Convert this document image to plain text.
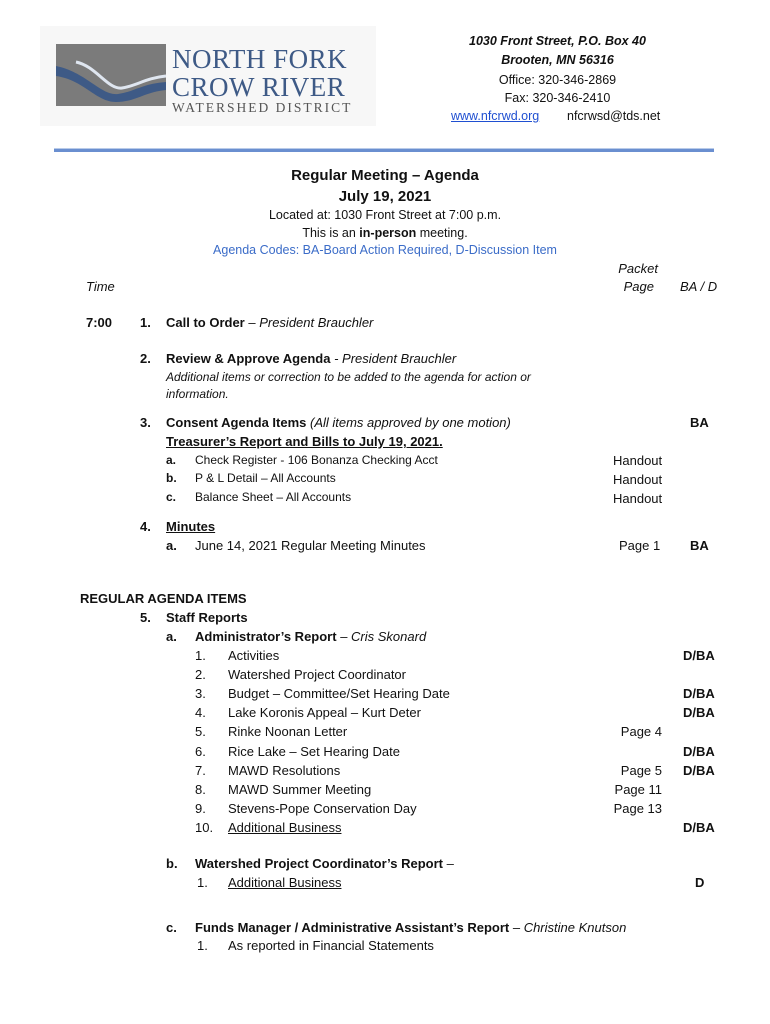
NORTH FORK
CROW RIVER
WATERSHED DISTRICT
1030 Front Street, P.O. Box 40
Brooten, MN 56316
Office: 320-346-2869
Fax: 320-346-2410
www.nfcrwd.org nfcrwsd@tds.net
Regular Meeting – Agenda
July 19, 2021
Located at: 1030 Front Street at 7:00 p.m.
This is an in-person meeting.
Agenda Codes: BA-Board Action Required, D-Discussion Item
Time
Packet
Page BA / D
7:00 1. Call to Order – President Brauchler
2. Review & Approve Agenda - President Brauchler
Additional items or correction to be added to the agenda for action or
information.
3. Consent Agenda Items (All items approved by one motion)	BA
Treasurer’s Report and Bills to July 19, 2021.
a. Check Register - 106 Bonanza Checking Acct	Handout
b. P & L Detail – All Accounts	Handout
c. Balance Sheet – All Accounts	Handout
4. Minutes
a. June 14, 2021 Regular Meeting Minutes	Page 1 BA
REGULAR AGENDA ITEMS
5. Staff Reports
a. Administrator’s Report – Cris Skonard
1. Activities	D/BA
2. Watershed Project Coordinator
3. Budget – Committee/Set Hearing Date	D/BA
4. Lake Koronis Appeal – Kurt Deter	D/BA
5. Rinke Noonan Letter	Page 4
6. Rice Lake – Set Hearing Date	D/BA
7. MAWD Resolutions	Page 5 D/BA
8. MAWD Summer Meeting	Page 11
9. Stevens-Pope Conservation Day	Page 13
10. Additional Business	D/BA
b. Watershed Project Coordinator’s Report –
1. Additional Business	D
c. Funds Manager / Administrative Assistant’s Report – Christine Knutson
1. As reported in Financial Statements
